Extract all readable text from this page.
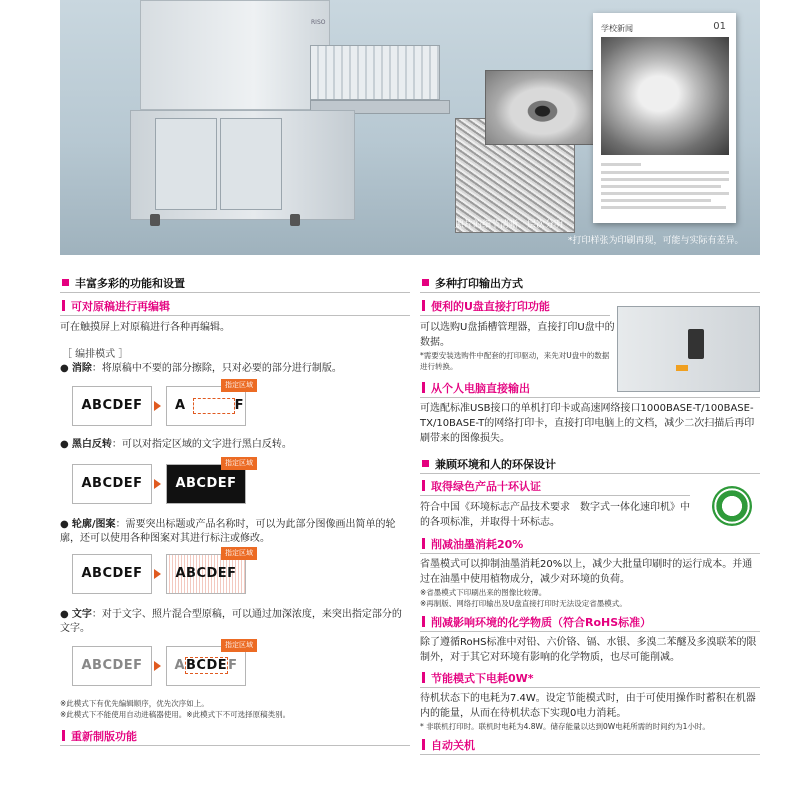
RISO
照片的细节清晰、层次分明
学校新闻	01
*打印样张为印刷再现，可能与实际有差异。
丰富多彩的功能和设置
可对原稿进行再编辑
可在触摸屏上对原稿进行各种再编辑。
［ 编排模式 ］
● 消除：将原稿中不要的部分擦除，只对必要的部分进行制版。
ABCDEF	A	F
指定区域
● 黑白反转：可以对指定区域的文字进行黑白反转。
ABCDEF	ABCDEF
指定区域
● 轮廓/图案：需要突出标题或产品名称时，可以为此部分图像画出简单的轮廓，还可以使用各种图案对其进行标注或修改。
ABCDEF	ABCDEF
指定区域
● 文字：对于文字、照片混合型原稿，可以通过加深浓度，来突出指定部分的文字。
ABCDEF	ABCDEF
指定区域
※此模式下有优先编辑顺序，优先次序如上。
※此模式下不能使用自动进稿器使用。※此模式下不可选择原稿类别。
重新制版功能
多种打印输出方式
便利的U盘直接打印功能
可以选购U盘插槽管理器，直接打印U盘中的数据。
*需要安装选购件中配套的打印驱动，来先对U盘中的数据进行转换。
从个人电脑直接输出
可选配标准USB接口的单机打印卡或高速网络接口1000BASE-T/100BASE-TX/10BASE-T的网络打印卡，直接打印电脑上的文档，减少二次扫描后再印刷带来的图像损失。
兼顾环境和人的环保设计
取得绿色产品十环认证
符合中国《环境标志产品技术要求　数字式一体化速印机》中的各项标准，并取得十环标志。
削减油墨消耗20%
省墨模式可以抑制油墨消耗20%以上，减少大批量印刷时的运行成本。并通过在油墨中使用植物成分，减少对环境的负荷。
※省墨模式下印刷出来的图像比较薄。
※再制版、网络打印输出及U盘直接打印时无法设定省墨模式。
削减影响环境的化学物质（符合RoHS标准）
除了遵循RoHS标准中对铅、六价铬、镉、水银、多溴二苯醚及多溴联苯的限制外，对于其它对环境有影响的化学物质，也尽可能削减。
节能模式下电耗0W*
待机状态下的电耗为7.4W。设定节能模式时，由于可使用操作时蓄积在机器内的能量，从而在待机状态下实现0电力消耗。
* 非联机打印时。联机时电耗为4.8W。储存能量以达到0W电耗所需的时间约为1小时。
自动关机
